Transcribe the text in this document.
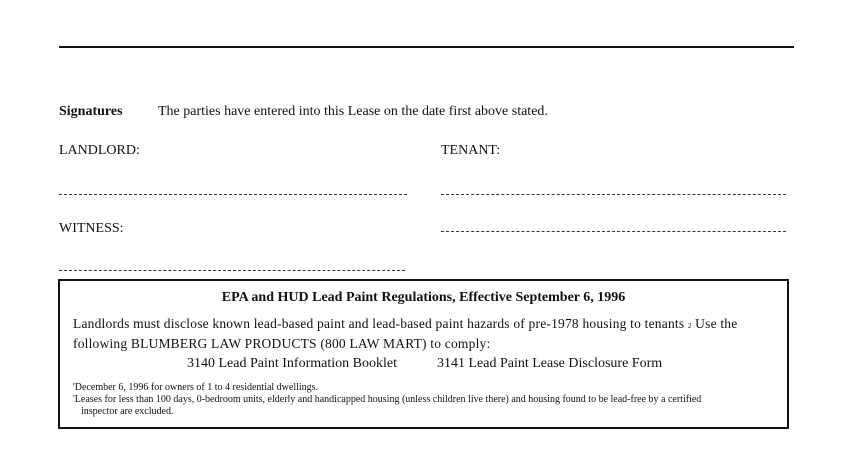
Signatures	The parties have entered into this Lease on the date first above stated.
LANDLORD:	TENANT:
WITNESS:
EPA and HUD Lead Paint Regulations, Effective September 6, 1996
Landlords must disclose known lead-based paint and lead-based paint hazards of pre-1978 housing to tenants 2 Use the following BLUMBERG LAW PRODUCTS (800 LAW MART) to comply:
3140 Lead Paint Information Booklet	3141 Lead Paint Lease Disclosure Form
'December 6, 1996 for owners of 1 to 4 residential dwellings.
'Leases for less than 100 days, 0-bedroom units, elderly and handicapped housing (unless children live there) and housing found to be lead-free by a certified
inspector are excluded.
